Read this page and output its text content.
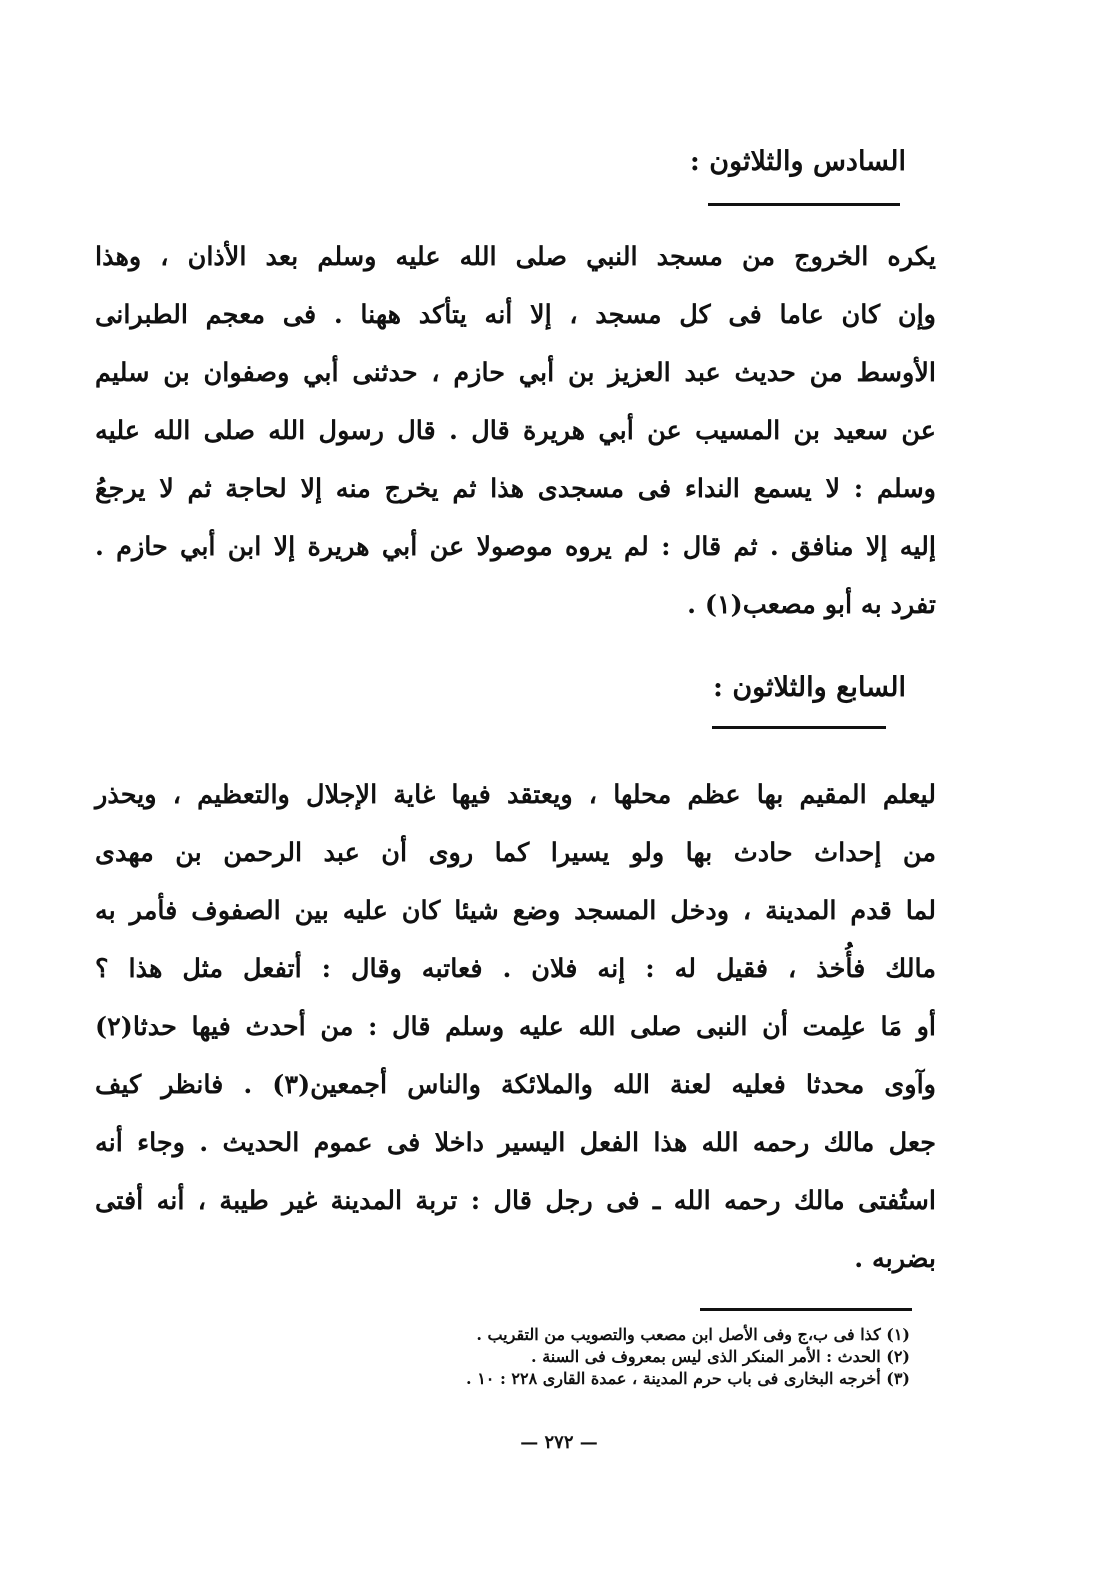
السادس والثلاثون :
يكره الخروج من مسجد النبي صلى الله عليه وسلم بعد الأذان ، وهذا
وإن كان عاما فى كل مسجد ، إلا أنه يتأكد ههنا . فى معجم الطبرانى
الأوسط من حديث عبد العزيز بن أبي حازم ، حدثنى أبي وصفوان بن سليم
عن سعيد بن المسيب عن أبي هريرة قال . قال رسول الله صلى الله عليه
وسلم : لا يسمع النداء فى مسجدى هذا ثم يخرج منه إلا لحاجة ثم لا يرجعُ
إليه إلا منافق . ثم قال : لم يروه موصولا عن أبي هريرة إلا ابن أبي حازم .
تفرد به أبو مصعب(١) .
السابع والثلاثون :
ليعلم المقيم بها عظم محلها ، ويعتقد فيها غاية الإجلال والتعظيم ، ويحذر
من إحداث حادث بها ولو يسيرا كما روى أن عبد الرحمن بن مهدى
لما قدم المدينة ، ودخل المسجد وضع شيئا كان عليه بين الصفوف فأمر به
مالك فأُخذ ، فقيل له : إنه فلان . فعاتبه وقال : أتفعل مثل هذا ؟
أو مَا علِمت أن النبى صلى الله عليه وسلم قال : من أحدث فيها حدثا(٢)
وآوى محدثا فعليه لعنة الله والملائكة والناس أجمعين(٣) . فانظر كيف
جعل مالك رحمه الله هذا الفعل اليسير داخلا فى عموم الحديث . وجاء أنه
استُفتى مالك رحمه الله ـ فى رجل قال : تربة المدينة غير طيبة ، أنه أفتى
بضربه .
(١) كذا فى ب،ج وفى الأصل ابن مصعب والتصويب من التقريب .
(٢) الحدث : الأمر المنكر الذى ليس بمعروف فى السنة .
(٣) أخرجه البخارى فى باب حرم المدينة ، عمدة القارى ٢٢٨ : ١٠ .
— ٢٧٢ —
